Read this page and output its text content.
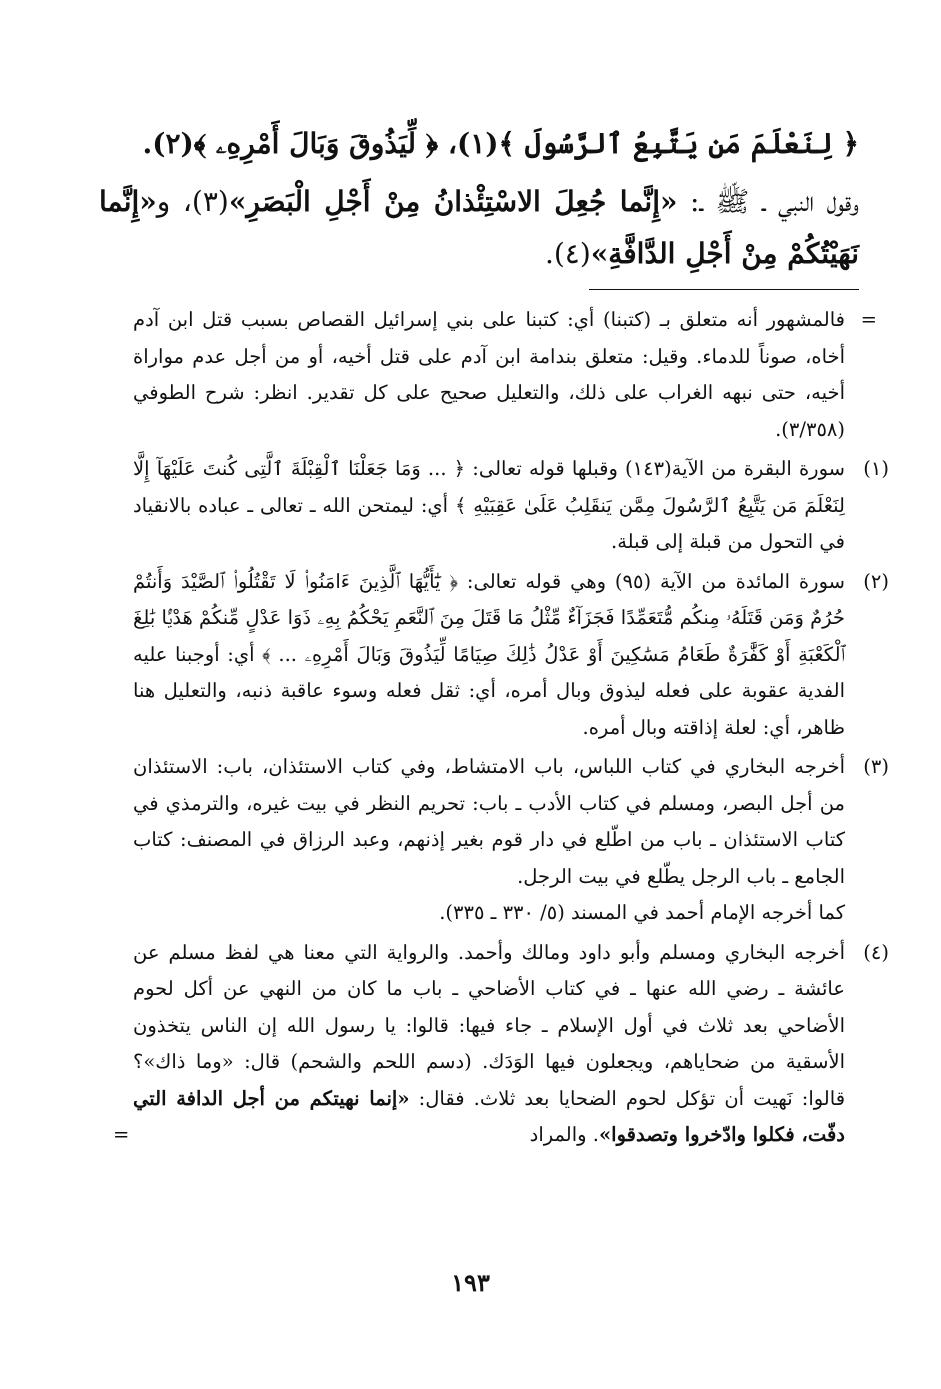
﴿ لِنَعْلَمَ مَن يَتَّبِعُ ٱلرَّسُولَ ﴾(١)، ﴿ لِّيَذُوقَ وَبَالَ أَمْرِهِۦ ﴾(٢).

وقول النبي ـ ﷺ ـ: «إِنَّما جُعِلَ الاسْتِئْذانُ مِنْ أَجْلِ الْبَصَرِ»(٣)، و«إِنَّما نَهَيْتُكُمْ مِنْ أَجْلِ الدَّافَّةِ»(٤).

=
فالمشهور أنه متعلق بـ (كتبنا) أي: كتبنا على بني إسرائيل القصاص بسبب قتل ابن آدم أخاه، صوناً للدماء. وقيل: متعلق بندامة ابن آدم على قتل أخيه، أو من أجل عدم مواراة أخيه، حتى نبهه الغراب على ذلك، والتعليل صحيح على كل تقدير. انظر: شرح الطوفي (٣/٣٥٨).
(١)
سورة البقرة من الآية(١٤٣) وقبلها قوله تعالى: ﴿ ... وَمَا جَعَلْنَا ٱلْقِبْلَةَ ٱلَّتِى كُنتَ عَلَيْهَآ إِلَّا لِنَعْلَمَ مَن يَتَّبِعُ ٱلرَّسُولَ مِمَّن يَنقَلِبُ عَلَىٰ عَقِبَيْهِ ﴾ أي: ليمتحن الله ـ تعالى ـ عباده بالانقياد في التحول من قبلة إلى قبلة.
(٢)
سورة المائدة من الآية (٩٥) وهي قوله تعالى: ﴿ يَٰٓأَيُّهَا ٱلَّذِينَ ءَامَنُوا۟ لَا تَقْتُلُوا۟ ٱلصَّيْدَ وَأَنتُمْ حُرُمٌ وَمَن قَتَلَهُۥ مِنكُم مُّتَعَمِّدًا فَجَزَآءٌ مِّثْلُ مَا قَتَلَ مِنَ ٱلنَّعَمِ يَحْكُمُ بِهِۦ ذَوَا عَدْلٍ مِّنكُمْ هَدْيًۢا بَٰلِغَ ٱلْكَعْبَةِ أَوْ كَفَّٰرَةٌ طَعَامُ مَسَٰكِينَ أَوْ عَدْلُ ذَٰلِكَ صِيَامًا لِّيَذُوقَ وَبَالَ أَمْرِهِۦ ... ﴾ أي: أوجبنا عليه الفدية عقوبة على فعله ليذوق وبال أمره، أي: ثقل فعله وسوء عاقبة ذنبه، والتعليل هنا ظاهر، أي: لعلة إذاقته وبال أمره.
(٣)
أخرجه البخاري في كتاب اللباس، باب الامتشاط، وفي كتاب الاستئذان، باب: الاستئذان من أجل البصر، ومسلم في كتاب الأدب ـ باب: تحريم النظر في بيت غيره، والترمذي في كتاب الاستئذان ـ باب من اطّلع في دار قوم بغير إذنهم، وعبد الرزاق في المصنف: كتاب الجامع ـ باب الرجل يطّلع في بيت الرجل.
كما أخرجه الإمام أحمد في المسند (٥/ ٣٣٠ ـ ٣٣٥).
(٤)
أخرجه البخاري ومسلم وأبو داود ومالك وأحمد. والرواية التي معنا هي لفظ مسلم عن عائشة ـ رضي الله عنها ـ في كتاب الأضاحي ـ باب ما كان من النهي عن أكل لحوم الأضاحي بعد ثلاث في أول الإسلام ـ جاء فيها: قالوا: يا رسول الله إن الناس يتخذون الأسقية من ضحاياهم، ويجعلون فيها الوَدَك. (دسم اللحم والشحم) قال: «وما ذاك»؟ قالوا: نَهيت أن تؤكل لحوم الضحايا بعد ثلاث. فقال: «إنما نهيتكم من أجل الدافة التي دفّت، فكلوا وادّخروا وتصدقوا». والمراد
=
١٩٣
